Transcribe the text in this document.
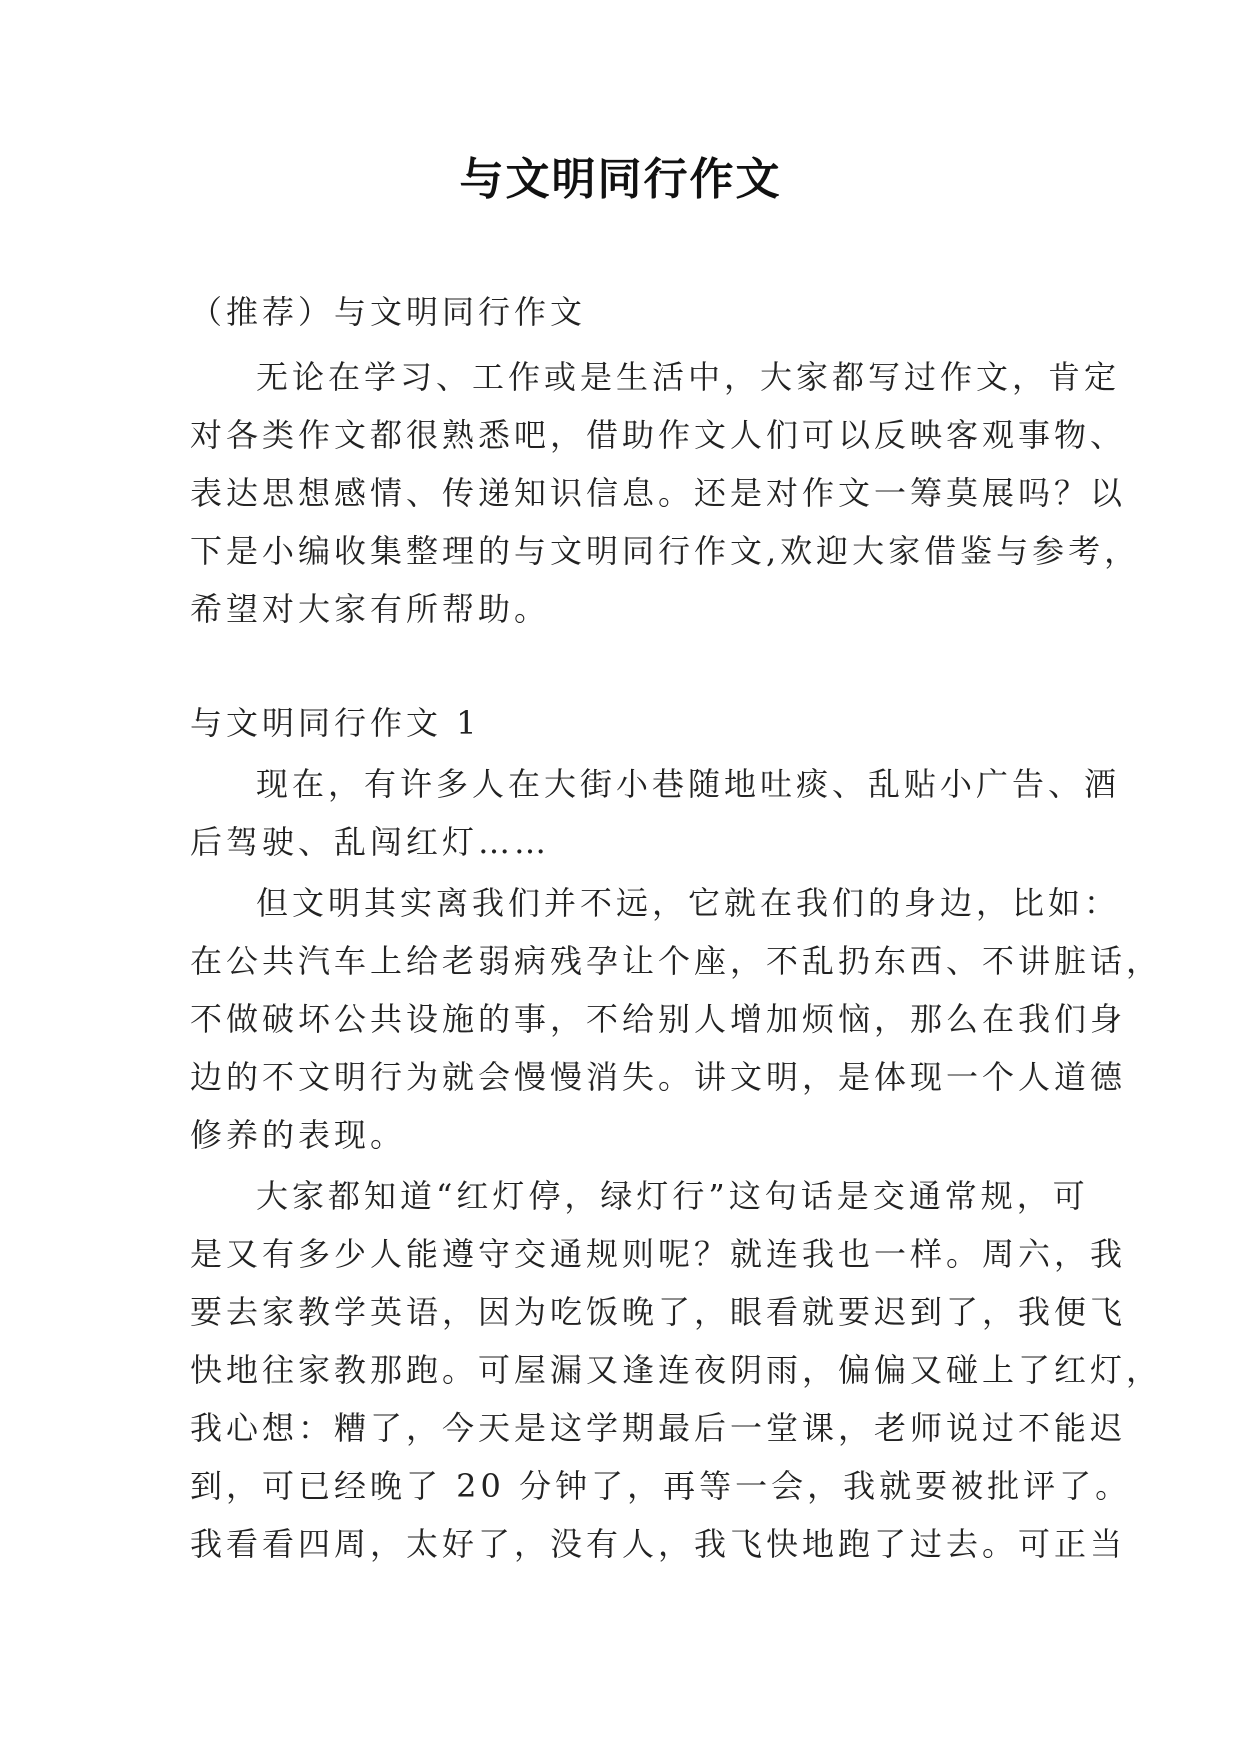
与文明同行作文
（推荐）与文明同行作文
无论在学习、工作或是生活中，大家都写过作文，肯定
对各类作文都很熟悉吧，借助作文人们可以反映客观事物、
表达思想感情、传递知识信息。还是对作文一筹莫展吗？以
下是小编收集整理的与文明同行作文,欢迎大家借鉴与参考，
希望对大家有所帮助。
与文明同行作文 1
现在，有许多人在大街小巷随地吐痰、乱贴小广告、酒
后驾驶、乱闯红灯……
但文明其实离我们并不远，它就在我们的身边，比如：
在公共汽车上给老弱病残孕让个座，不乱扔东西、不讲脏话，
不做破坏公共设施的事，不给别人增加烦恼，那么在我们身
边的不文明行为就会慢慢消失。讲文明，是体现一个人道德
修养的表现。
大家都知道“红灯停，绿灯行”这句话是交通常规，可
是又有多少人能遵守交通规则呢？就连我也一样。周六，我
要去家教学英语，因为吃饭晚了，眼看就要迟到了，我便飞
快地往家教那跑。可屋漏又逢连夜阴雨，偏偏又碰上了红灯，
我心想：糟了，今天是这学期最后一堂课，老师说过不能迟
到，可已经晚了 20 分钟了，再等一会，我就要被批评了。
我看看四周，太好了，没有人，我飞快地跑了过去。可正当
